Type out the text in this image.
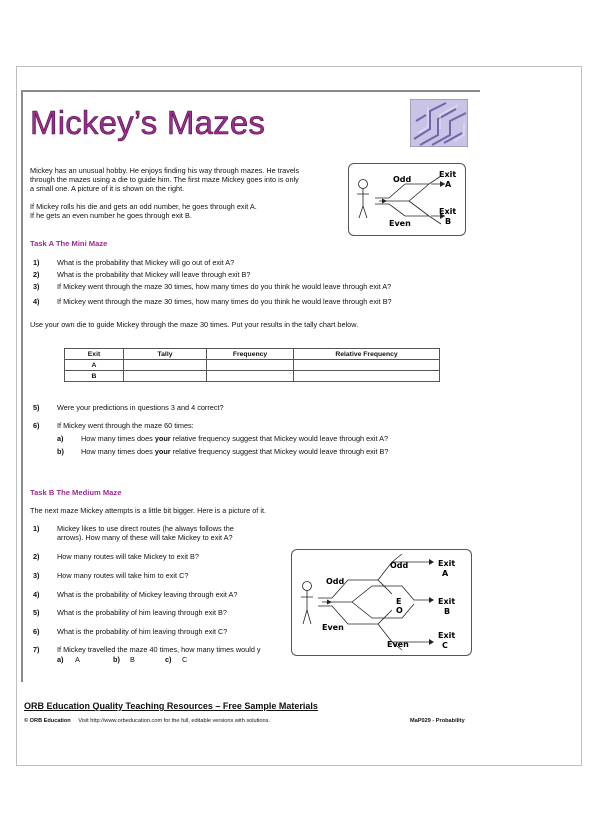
Mickey’s Mazes
Mickey has an unusual hobby. He enjoys finding his way through mazes. He travels
through the mazes using a die to guide him. The first maze Mickey goes into is only
a small one. A picture of it is shown on the right.
If Mickey rolls his die and gets an odd number, he goes through exit A.
If he gets an even number he goes through exit B.
Odd
Even
Exit
A
Exit
B
Task A The Mini Maze
1) What is the probability that Mickey will go out of exit A?
2) What is the probability that Mickey will leave through exit B?
3) If Mickey went through the maze 30 times, how many times do you think he would leave through exit A?
4) If Mickey went through the maze 30 times, how many times do you think he would leave through exit B?
Use your own die to guide Mickey through the maze 30 times. Put your results in the tally chart below.
Exit	Tally	Frequency	Relative Frequency
A			
B			
5) Were your predictions in questions 3 and 4 correct?
6) If Mickey went through the maze 60 times:
a) How many times does your relative frequency suggest that Mickey would leave through exit A?
b) How many times does your relative frequency suggest that Mickey would leave through exit B?
Task B The Medium Maze
The next maze Mickey attempts is a little bit bigger. Here is a picture of it.
1) Mickey likes to use direct routes (he always follows the
arrows). How many of these will take Mickey to exit A?
2) How many routes will take Mickey to exit B?
3) How many routes will take him to exit C?
4) What is the probability of Mickey leaving through exit A?
5) What is the probability of him leaving through exit B?
6) What is the probability of him leaving through exit C?
7) If Mickey travelled the maze 40 times, how many times would y
a) A	b) B	c) C
Odd
Odd
Even
Even
E
O
Exit
A
Exit
B
Exit
C
ORB Education Quality Teaching Resources – Free Sample Materials
© ORB Education Visit http://www.orbeducation.com for the full, editable versions with solutions.	MaP029 - Probability
